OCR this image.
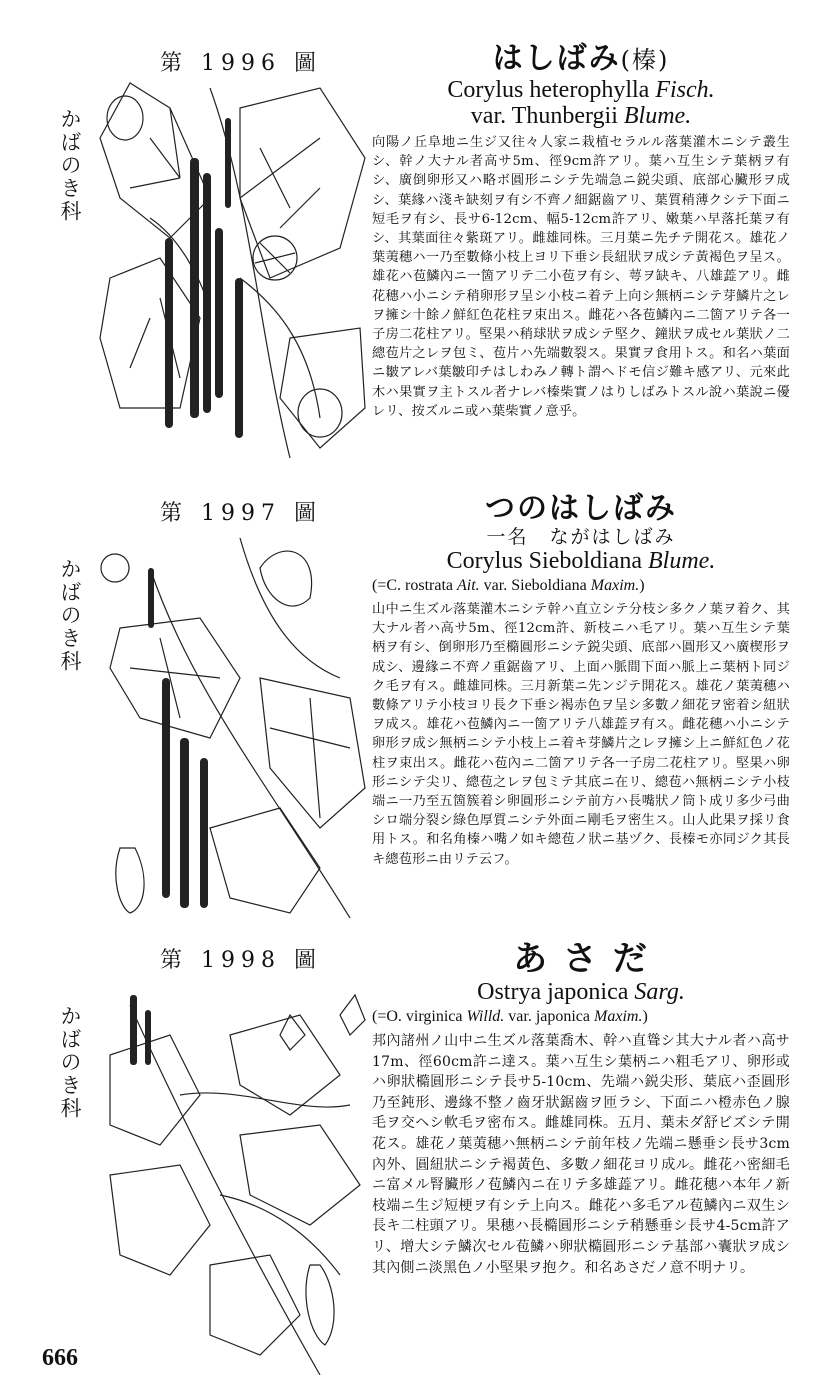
第 1996 圖
かばのき科
はしばみ(榛)
Corylus heterophylla Fisch.
var. Thunbergii Blume.
向陽ノ丘阜地ニ生ジ又往々人家ニ栽植セラルル落葉灌木ニシテ叢生シ、幹ノ大ナル者高サ5m、徑9cm許アリ。葉ハ互生シテ葉柄ヲ有シ、廣倒卵形又ハ略ボ圓形ニシテ先端急ニ鋭尖頭、底部心臟形ヲ成シ、葉緣ハ淺キ缺刻ヲ有シ不齊ノ細鋸齒アリ、葉質稍薄クシテ下面ニ短毛ヲ有シ、長サ6-12cm、幅5-12cm許アリ、嫩葉ハ早落托葉ヲ有シ、其葉面往々紫斑アリ。雌雄同株。三月葉ニ先チテ開花ス。雄花ノ葉荑穗ハ一乃至數條小枝上ヨリ下垂シ長紐狀ヲ成シテ黃褐色ヲ呈ス。雄花ハ苞鱗內ニ一箇アリテ二小苞ヲ有シ、萼ヲ缺キ、八雄蕋アリ。雌花穗ハ小ニシテ稍卵形ヲ呈シ小枝ニ着テ上向シ無柄ニシテ芽鱗片之レヲ擁シ十餘ノ鮮紅色花柱ヲ束出ス。雌花ハ各苞鱗內ニ二箇アリテ各一子房二花柱アリ。堅果ハ稍球狀ヲ成シテ堅ク、鐘狀ヲ成セル葉狀ノ二總苞片之レヲ包ミ、苞片ハ先端數裂ス。果實ヲ食用トス。和名ハ葉面ニ皺アレバ葉皺印チはしわみノ轉ト謂ヘドモ信ジ難キ感アリ、元來此木ハ果實ヲ主トスル者ナレバ榛柴實ノはりしばみトスル說ハ葉說ニ優レリ、按ズルニ或ハ葉柴實ノ意乎。
第 1997 圖
かばのき科
つのはしばみ
一名　ながはしばみ
Corylus Sieboldiana Blume.
(=C. rostrata Ait. var. Sieboldiana Maxim.)
山中ニ生ズル落葉灌木ニシテ幹ハ直立シテ分枝シ多クノ葉ヲ着ク、其大ナル者ハ高サ5m、徑12cm許、新枝ニハ毛アリ。葉ハ互生シテ葉柄ヲ有シ、倒卵形乃至橢圓形ニシテ鋭尖頭、底部ハ圓形又ハ廣楔形ヲ成シ、邊緣ニ不齊ノ重鋸齒アリ、上面ハ脈間下面ハ脈上ニ葉柄ト同ジク毛ヲ有ス。雌雄同株。三月新葉ニ先ンジテ開花ス。雄花ノ葉荑穗ハ數條アリテ小枝ヨリ長ク下垂シ褐赤色ヲ呈シ多數ノ細花ヲ密着シ紐狀ヲ成ス。雄花ハ苞鱗內ニ一箇アリテ八雄蕋ヲ有ス。雌花穗ハ小ニシテ卵形ヲ成シ無柄ニシテ小枝上ニ着キ芽鱗片之レヲ擁シ上ニ鮮紅色ノ花柱ヲ束出ス。雌花ハ苞內ニ二箇アリテ各一子房二花柱アリ。堅果ハ卵形ニシテ尖リ、總苞之レヲ包ミテ其底ニ在リ、總苞ハ無柄ニシテ小枝端ニ一乃至五箇簇着シ卵圓形ニシテ前方ハ長嘴狀ノ筒ト成リ多少弓曲シロ端分裂シ綠色厚質ニシテ外面ニ剛毛ヲ密生ス。山人此果ヲ採リ食用トス。和名角榛ハ嘴ノ如キ總苞ノ狀ニ基ヅク、長榛モ亦同ジク其長キ總苞形ニ由リテ云フ。
第 1998 圖
かばのき科
あ さ だ
Ostrya japonica Sarg.
(=O. virginica Willd. var. japonica Maxim.)
邦內諸州ノ山中ニ生ズル落葉喬木、幹ハ直聳シ其大ナル者ハ高サ17m、徑60cm許ニ達ス。葉ハ互生シ葉柄ニハ粗毛アリ、卵形或ハ卵狀橢圓形ニシテ長サ5-10cm、先端ハ鋭尖形、葉底ハ歪圓形乃至鈍形、邊緣不整ノ齒牙狀鋸齒ヲ匝ラシ、下面ニハ橙赤色ノ腺毛ヲ交ヘシ軟毛ヲ密布ス。雌雄同株。五月、葉未ダ舒ビズシテ開花ス。雄花ノ葉荑穗ハ無柄ニシテ前年枝ノ先端ニ懸垂シ長サ3cm內外、圓紐狀ニシテ褐黃色、多數ノ細花ヨリ成ル。雌花ハ密細毛ニ富メル腎臟形ノ苞鱗內ニ在リテ多雄蕋アリ。雌花穗ハ本年ノ新枝端ニ生ジ短梗ヲ有シテ上向ス。雌花ハ多毛アル苞鱗內ニ双生シ長キ二柱頭アリ。果穗ハ長橢圓形ニシテ稍懸垂シ長サ4-5cm許アリ、增大シテ鱗次セル苞鱗ハ卵狀橢圓形ニシテ基部ハ囊狀ヲ成シ其內側ニ淡黑色ノ小堅果ヲ抱ク。和名あさだノ意不明ナリ。
666
